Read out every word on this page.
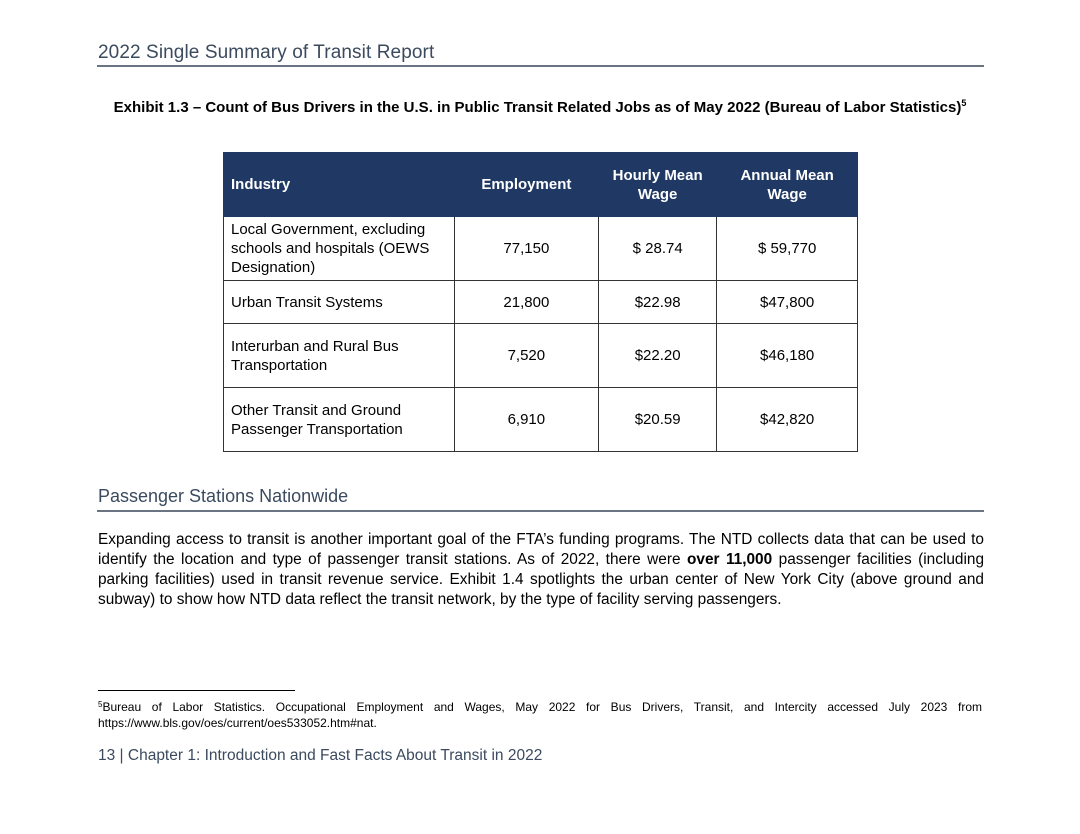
2022 Single Summary of Transit Report
Exhibit 1.3 – Count of Bus Drivers in the U.S. in Public Transit Related Jobs as of May 2022 (Bureau of Labor Statistics)$^5$
Industry	Employment	Hourly Mean Wage	Annual Mean Wage
Local Government, excluding schools and hospitals (OEWS Designation)	77,150	$ 28.74	$ 59,770
Urban Transit Systems	21,800	$22.98	$47,800
Interurban and Rural Bus Transportation	7,520	$22.20	$46,180
Other Transit and Ground Passenger Transportation	6,910	$20.59	$42,820
Passenger Stations Nationwide

Expanding access to transit is another important goal of the FTA’s funding programs. The NTD collects data that can be used to identify the location and type of passenger transit stations. As of 2022, there were over 11,000 passenger facilities (including parking facilities) used in transit revenue service. Exhibit 1.4 spotlights the urban center of New York City (above ground and subway) to show how NTD data reflect the transit network, by the type of facility serving passengers.

$^5$Bureau of Labor Statistics. Occupational Employment and Wages, May 2022 for Bus Drivers, Transit, and Intercity accessed July 2023 from https://www.bls.gov/oes/current/oes533052.htm#nat.
13 | Chapter 1: Introduction and Fast Facts About Transit in 2022
